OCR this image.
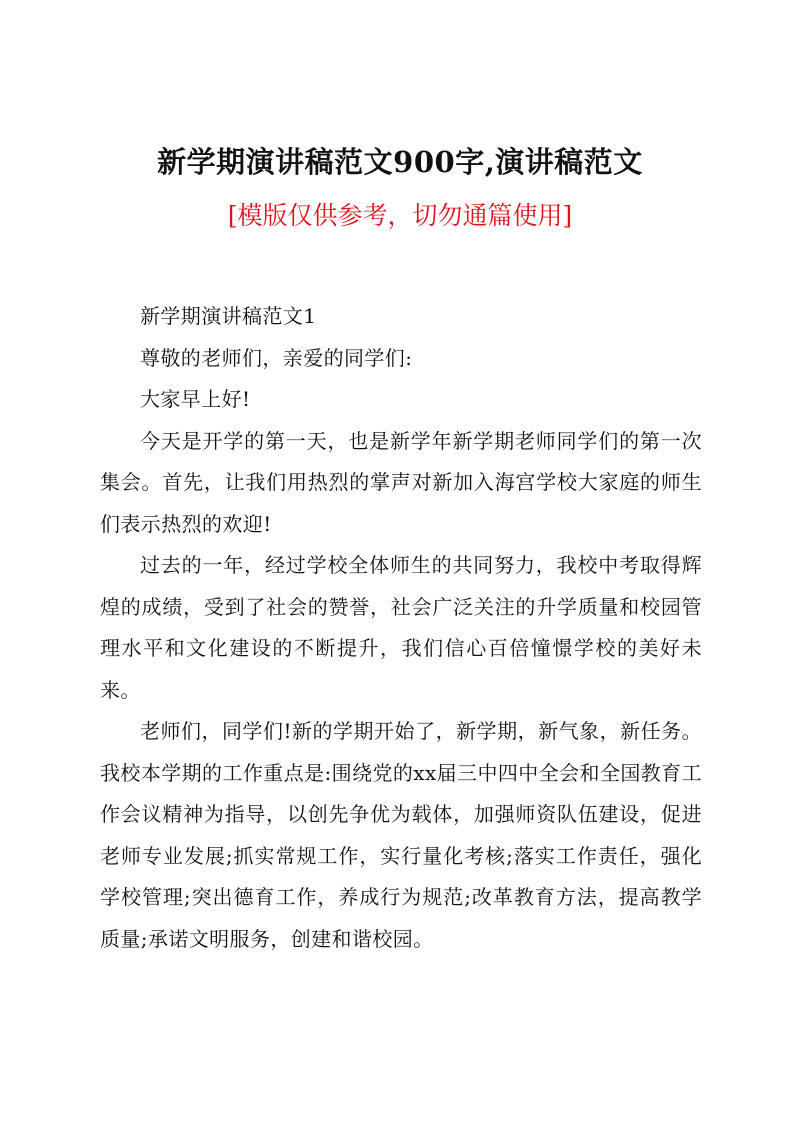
新学期演讲稿范文900字,演讲稿范文
[模版仅供参考，切勿通篇使用]

新学期演讲稿范文1

尊敬的老师们，亲爱的同学们:

大家早上好!

今天是开学的第一天，也是新学年新学期老师同学们的第一次集会。首先，让我们用热烈的掌声对新加入海宫学校大家庭的师生们表示热烈的欢迎!

过去的一年，经过学校全体师生的共同努力，我校中考取得辉煌的成绩，受到了社会的赞誉，社会广泛关注的升学质量和校园管理水平和文化建设的不断提升，我们信心百倍憧憬学校的美好未来。

老师们，同学们!新的学期开始了，新学期，新气象，新任务。我校本学期的工作重点是:围绕党的xx届三中四中全会和全国教育工作会议精神为指导，以创先争优为载体，加强师资队伍建设，促进老师专业发展;抓实常规工作，实行量化考核;落实工作责任，强化学校管理;突出德育工作，养成行为规范;改革教育方法，提高教学质量;承诺文明服务，创建和谐校园。
